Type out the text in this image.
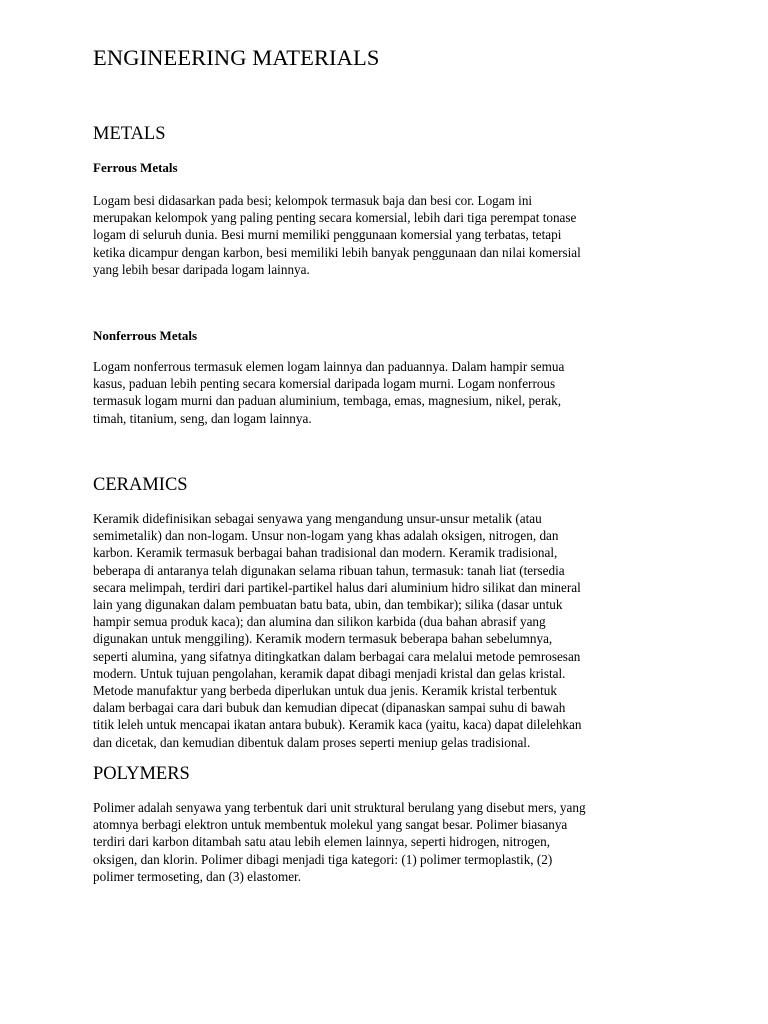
ENGINEERING MATERIALS
METALS
Ferrous Metals

Logam besi didasarkan pada besi; kelompok termasuk baja dan besi cor. Logam ini
merupakan kelompok yang paling penting secara komersial, lebih dari tiga perempat tonase
logam di seluruh dunia. Besi murni memiliki penggunaan komersial yang terbatas, tetapi
ketika dicampur dengan karbon, besi memiliki lebih banyak penggunaan dan nilai komersial
yang lebih besar daripada logam lainnya.

Nonferrous Metals

Logam nonferrous termasuk elemen logam lainnya dan paduannya. Dalam hampir semua
kasus, paduan lebih penting secara komersial daripada logam murni. Logam nonferrous
termasuk logam murni dan paduan aluminium, tembaga, emas, magnesium, nikel, perak,
timah, titanium, seng, dan logam lainnya.

CERAMICS

Keramik didefinisikan sebagai senyawa yang mengandung unsur-unsur metalik (atau
semimetalik) dan non-logam. Unsur non-logam yang khas adalah oksigen, nitrogen, dan
karbon. Keramik termasuk berbagai bahan tradisional dan modern. Keramik tradisional,
beberapa di antaranya telah digunakan selama ribuan tahun, termasuk: tanah liat (tersedia
secara melimpah, terdiri dari partikel-partikel halus dari aluminium hidro silikat dan mineral
lain yang digunakan dalam pembuatan batu bata, ubin, dan tembikar); silika (dasar untuk
hampir semua produk kaca); dan alumina dan silikon karbida (dua bahan abrasif yang
digunakan untuk menggiling). Keramik modern termasuk beberapa bahan sebelumnya,
seperti alumina, yang sifatnya ditingkatkan dalam berbagai cara melalui metode pemrosesan
modern. Untuk tujuan pengolahan, keramik dapat dibagi menjadi kristal dan gelas kristal.
Metode manufaktur yang berbeda diperlukan untuk dua jenis. Keramik kristal terbentuk
dalam berbagai cara dari bubuk dan kemudian dipecat (dipanaskan sampai suhu di bawah
titik leleh untuk mencapai ikatan antara bubuk). Keramik kaca (yaitu, kaca) dapat dilelehkan
dan dicetak, dan kemudian dibentuk dalam proses seperti meniup gelas tradisional.

POLYMERS

Polimer adalah senyawa yang terbentuk dari unit struktural berulang yang disebut mers, yang
atomnya berbagi elektron untuk membentuk molekul yang sangat besar. Polimer biasanya
terdiri dari karbon ditambah satu atau lebih elemen lainnya, seperti hidrogen, nitrogen,
oksigen, dan klorin. Polimer dibagi menjadi tiga kategori: (1) polimer termoplastik, (2)
polimer termoseting, dan (3) elastomer.
